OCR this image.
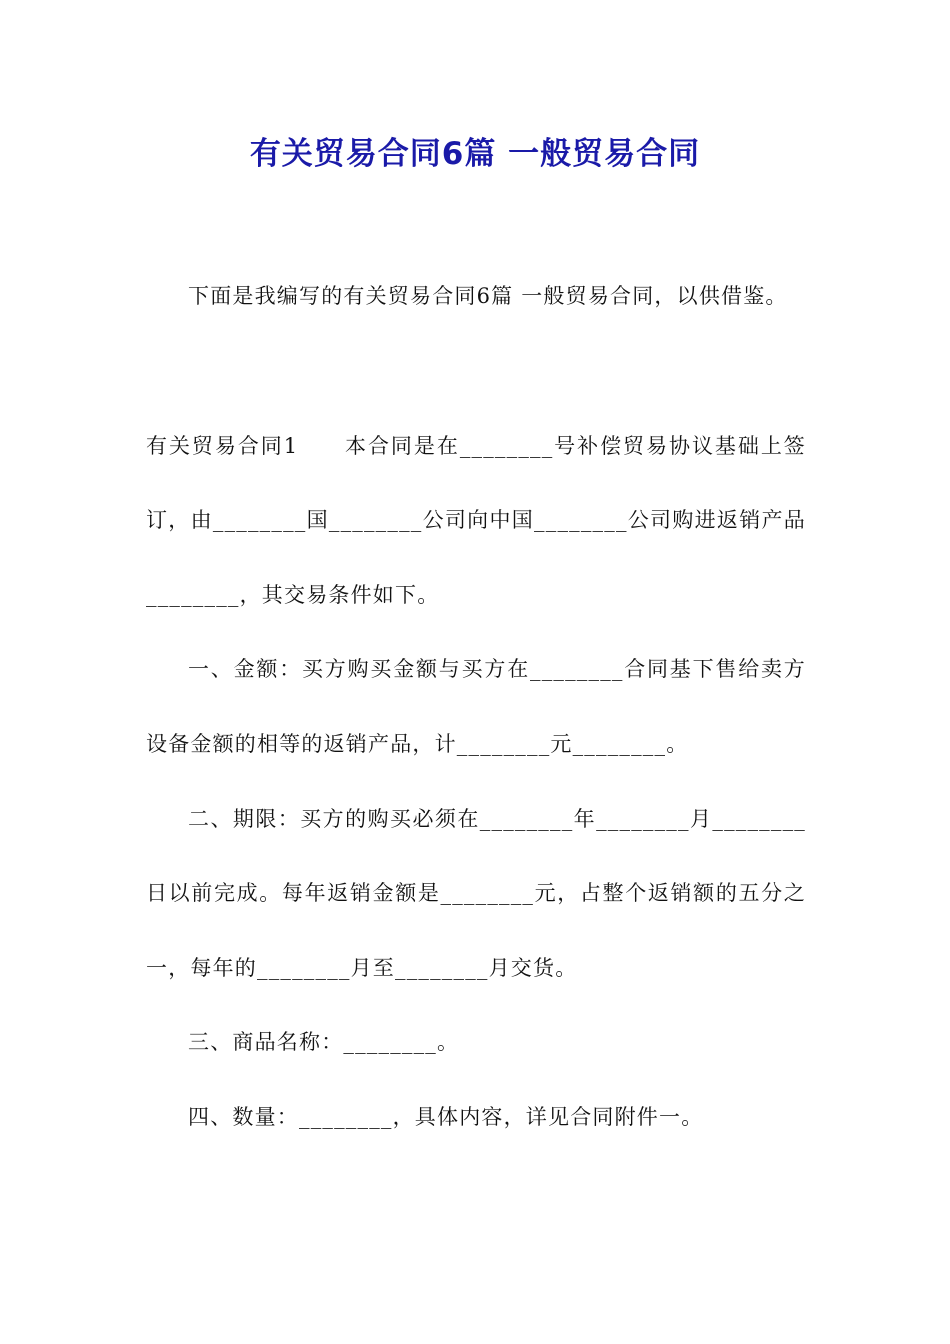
有关贸易合同6篇 一般贸易合同

下面是我编写的有关贸易合同6篇 一般贸易合同，以供借鉴。

有关贸易合同1　　本合同是在________号补偿贸易协议基础上签订，由________国________公司向中国________公司购进返销产品________，其交易条件如下。

一、金额：买方购买金额与买方在________合同基下售给卖方设备金额的相等的返销产品，计________元________。

二、期限：买方的购买必须在________年________月________日以前完成。每年返销金额是________元，占整个返销额的五分之一，每年的________月至________月交货。

三、商品名称：________。

四、数量：________，具体内容，详见合同附件一。
